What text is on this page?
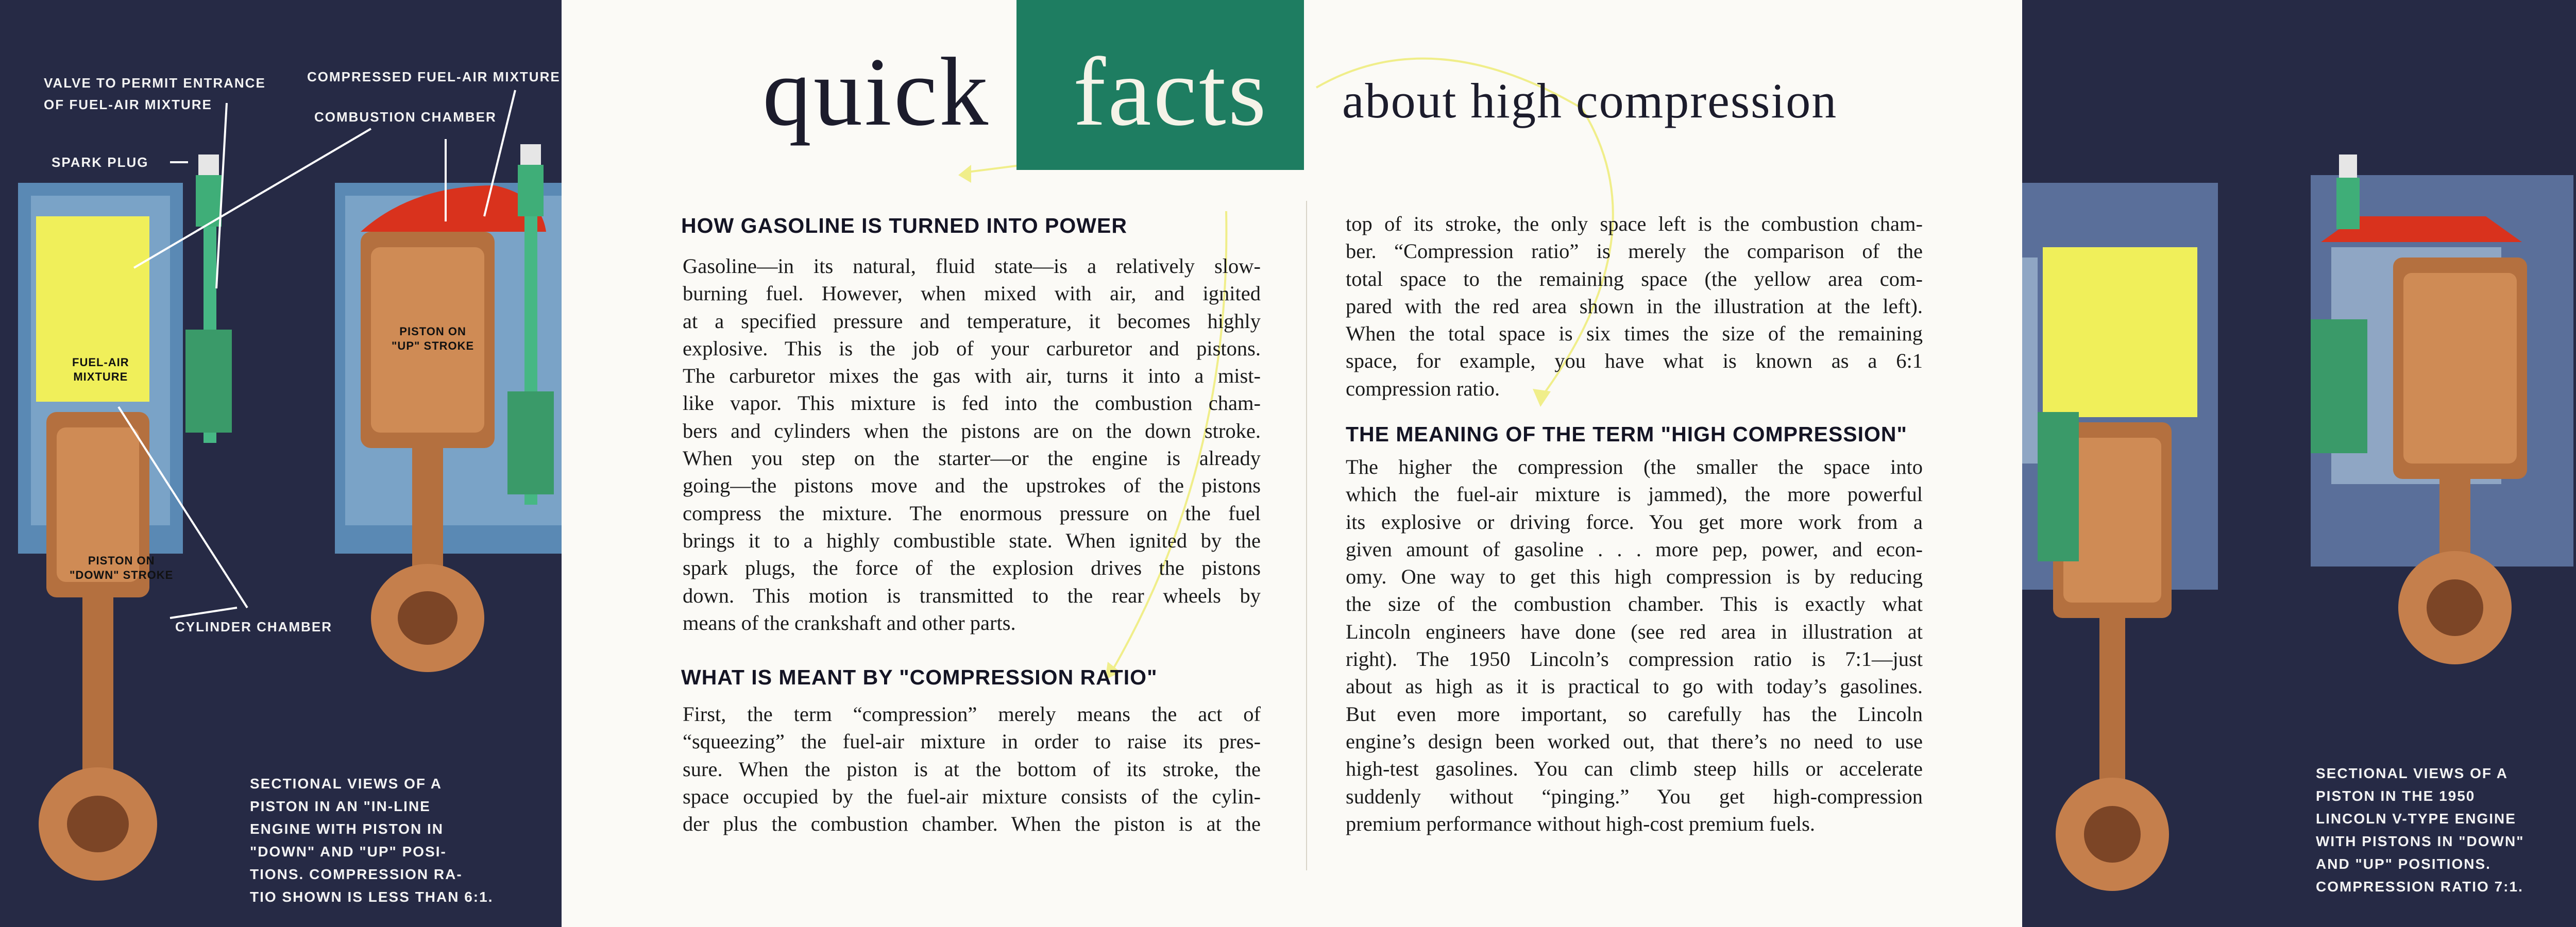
VALVE TO PERMIT ENTRANCE
OF FUEL-AIR MIXTURE
COMPRESSED FUEL-AIR MIXTURE
COMBUSTION CHAMBER
SPARK PLUG
FUEL-AIR
MIXTURE
PISTON ON
"UP" STROKE
PISTON ON
"DOWN" STROKE
CYLINDER CHAMBER
SECTIONAL VIEWS OF A
PISTON IN AN "IN-LINE
ENGINE WITH PISTON IN
"DOWN" AND "UP" POSI-
TIONS. COMPRESSION RA-
TIO SHOWN IS LESS THAN 6:1.
quick facts about high compression
HOW GASOLINE IS TURNED INTO POWER
Gasoline—in its natural, fluid state—is a relatively slow-
burning fuel. However, when mixed with air, and ignited
at a specified pressure and temperature, it becomes highly
explosive. This is the job of your carburetor and pistons.
The carburetor mixes the gas with air, turns it into a mist-
like vapor. This mixture is fed into the combustion cham-
bers and cylinders when the pistons are on the down stroke.
When you step on the starter—or the engine is already
going—the pistons move and the upstrokes of the pistons
compress the mixture. The enormous pressure on the fuel
brings it to a highly combustible state. When ignited by the
spark plugs, the force of the explosion drives the pistons
down. This motion is transmitted to the rear wheels by
means of the crankshaft and other parts.
WHAT IS MEANT BY "COMPRESSION RATIO"
First, the term “compression” merely means the act of
“squeezing” the fuel-air mixture in order to raise its pres-
sure. When the piston is at the bottom of its stroke, the
space occupied by the fuel-air mixture consists of the cylin-
der plus the combustion chamber. When the piston is at the
top of its stroke, the only space left is the combustion cham-
ber. “Compression ratio” is merely the comparison of the
total space to the remaining space (the yellow area com-
pared with the red area shown in the illustration at the left).
When the total space is six times the size of the remaining
space, for example, you have what is known as a 6:1
compression ratio.
THE MEANING OF THE TERM "HIGH COMPRESSION"
The higher the compression (the smaller the space into
which the fuel-air mixture is jammed), the more powerful
its explosive or driving force. You get more work from a
given amount of gasoline . . . more pep, power, and econ-
omy. One way to get this high compression is by reducing
the size of the combustion chamber. This is exactly what
Lincoln engineers have done (see red area in illustration at
right). The 1950 Lincoln’s compression ratio is 7:1—just
about as high as it is practical to go with today’s gasolines.
But even more important, so carefully has the Lincoln
engine’s design been worked out, that there’s no need to use
high-test gasolines. You can climb steep hills or accelerate
suddenly without “pinging.” You get high-compression
premium performance without high-cost premium fuels.
SECTIONAL VIEWS OF A
PISTON IN THE 1950
LINCOLN V-TYPE ENGINE
WITH PISTONS IN "DOWN"
AND "UP" POSITIONS.
COMPRESSION RATIO 7:1.
